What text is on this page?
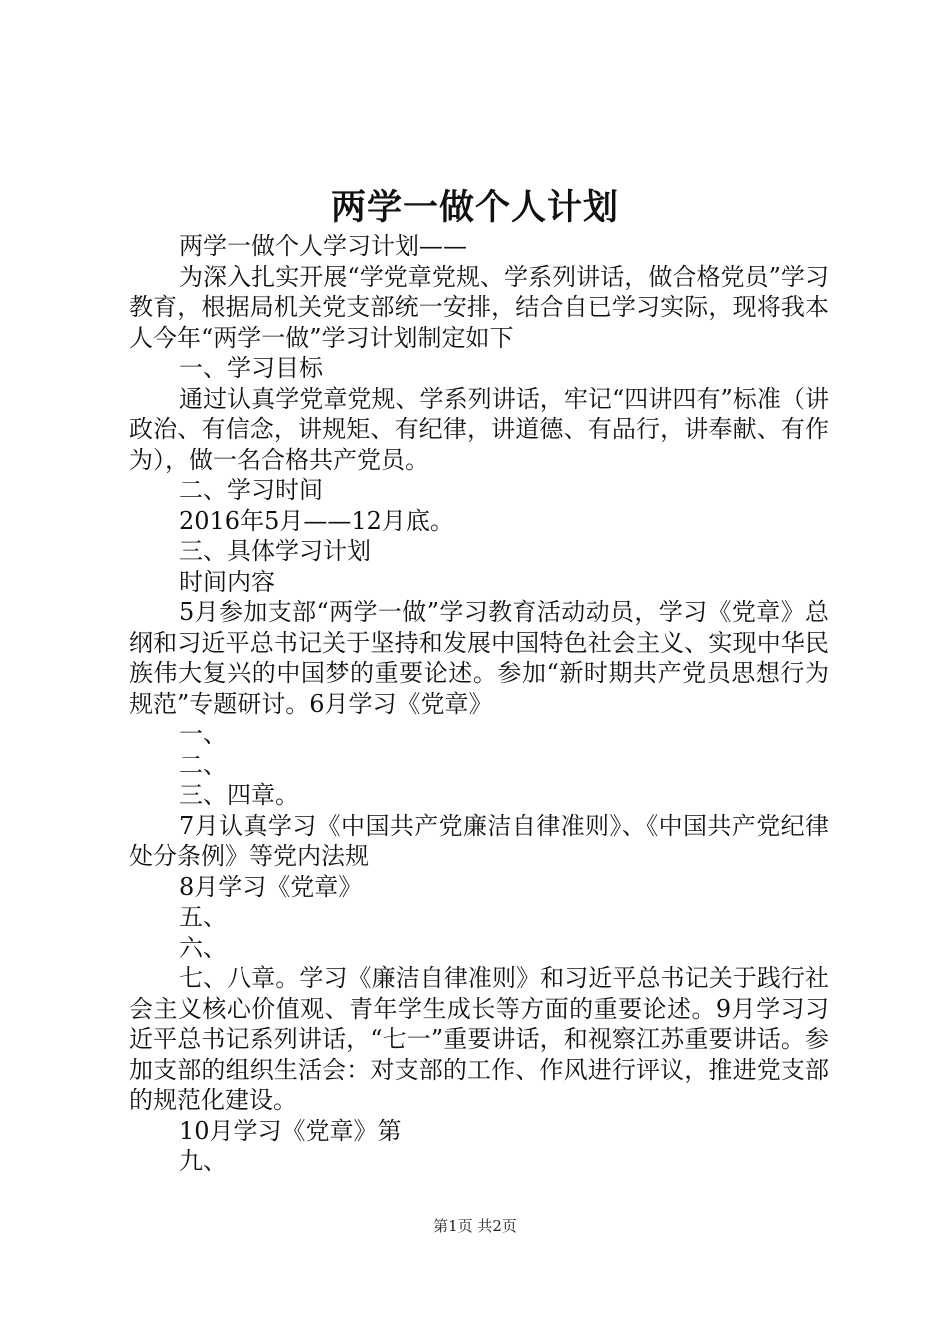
两学一做个人计划

两学一做个人学习计划——

为深入扎实开展“学党章党规、学系列讲话，做合格党员”学习教育，根据局机关党支部统一安排，结合自已学习实际，现将我本人今年“两学一做”学习计划制定如下

一、学习目标

通过认真学党章党规、学系列讲话，牢记“四讲四有”标准（讲政治、有信念，讲规矩、有纪律，讲道德、有品行，讲奉献、有作为），做一名合格共产党员。

二、学习时间

2016年5月——12月底。

三、具体学习计划

时间内容

5月参加支部“两学一做”学习教育活动动员，学习《党章》总纲和习近平总书记关于坚持和发展中国特色社会主义、实现中华民族伟大复兴的中国梦的重要论述。参加“新时期共产党员思想行为规范”专题研讨。6月学习《党章》

一、

二、

三、四章。

7月认真学习《中国共产党廉洁自律准则》、《中国共产党纪律处分条例》等党内法规

8月学习《党章》

五、

六、

七、八章。学习《廉洁自律准则》和习近平总书记关于践行社会主义核心价值观、青年学生成长等方面的重要论述。9月学习习近平总书记系列讲话，“七一”重要讲话，和视察江苏重要讲话。参加支部的组织生活会：对支部的工作、作风进行评议，推进党支部的规范化建设。

10月学习《党章》第

九、

第1页 共2页
